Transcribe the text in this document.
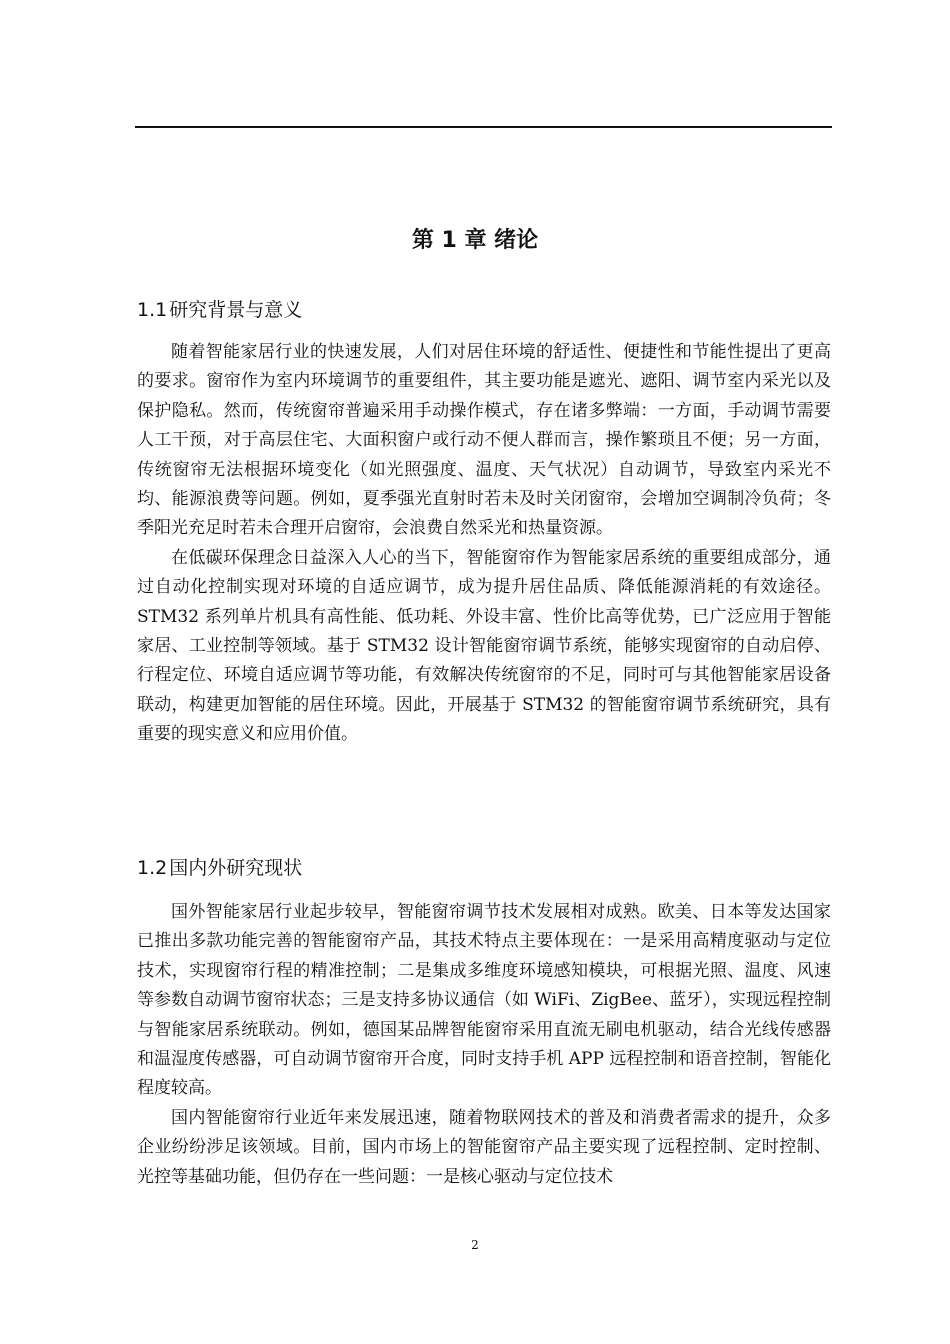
第 1 章 绪论
1.1 研究背景与意义

随着智能家居行业的快速发展，人们对居住环境的舒适性、便捷性和节能性提出了更高的要求。窗帘作为室内环境调节的重要组件，其主要功能是遮光、遮阳、调节室内采光以及保护隐私。然而，传统窗帘普遍采用手动操作模式，存在诸多弊端：一方面，手动调节需要人工干预，对于高层住宅、大面积窗户或行动不便人群而言，操作繁琐且不便；另一方面，传统窗帘无法根据环境变化（如光照强度、温度、天气状况）自动调节，导致室内采光不均、能源浪费等问题。例如，夏季强光直射时若未及时关闭窗帘，会增加空调制冷负荷；冬季阳光充足时若未合理开启窗帘，会浪费自然采光和热量资源。

在低碳环保理念日益深入人心的当下，智能窗帘作为智能家居系统的重要组成部分，通过自动化控制实现对环境的自适应调节，成为提升居住品质、降低能源消耗的有效途径。STM32 系列单片机具有高性能、低功耗、外设丰富、性价比高等优势，已广泛应用于智能家居、工业控制等领域。基于 STM32 设计智能窗帘调节系统，能够实现窗帘的自动启停、行程定位、环境自适应调节等功能，有效解决传统窗帘的不足，同时可与其他智能家居设备联动，构建更加智能的居住环境。因此，开展基于 STM32 的智能窗帘调节系统研究，具有重要的现实意义和应用价值。

1.2 国内外研究现状

国外智能家居行业起步较早，智能窗帘调节技术发展相对成熟。欧美、日本等发达国家已推出多款功能完善的智能窗帘产品，其技术特点主要体现在：一是采用高精度驱动与定位技术，实现窗帘行程的精准控制；二是集成多维度环境感知模块，可根据光照、温度、风速等参数自动调节窗帘状态；三是支持多协议通信（如 WiFi、ZigBee、蓝牙），实现远程控制与智能家居系统联动。例如，德国某品牌智能窗帘采用直流无刷电机驱动，结合光线传感器和温湿度传感器，可自动调节窗帘开合度，同时支持手机 APP 远程控制和语音控制，智能化程度较高。

国内智能窗帘行业近年来发展迅速，随着物联网技术的普及和消费者需求的提升，众多企业纷纷涉足该领域。目前，国内市场上的智能窗帘产品主要实现了远程控制、定时控制、光控等基础功能，但仍存在一些问题：一是核心驱动与定位技术

2
